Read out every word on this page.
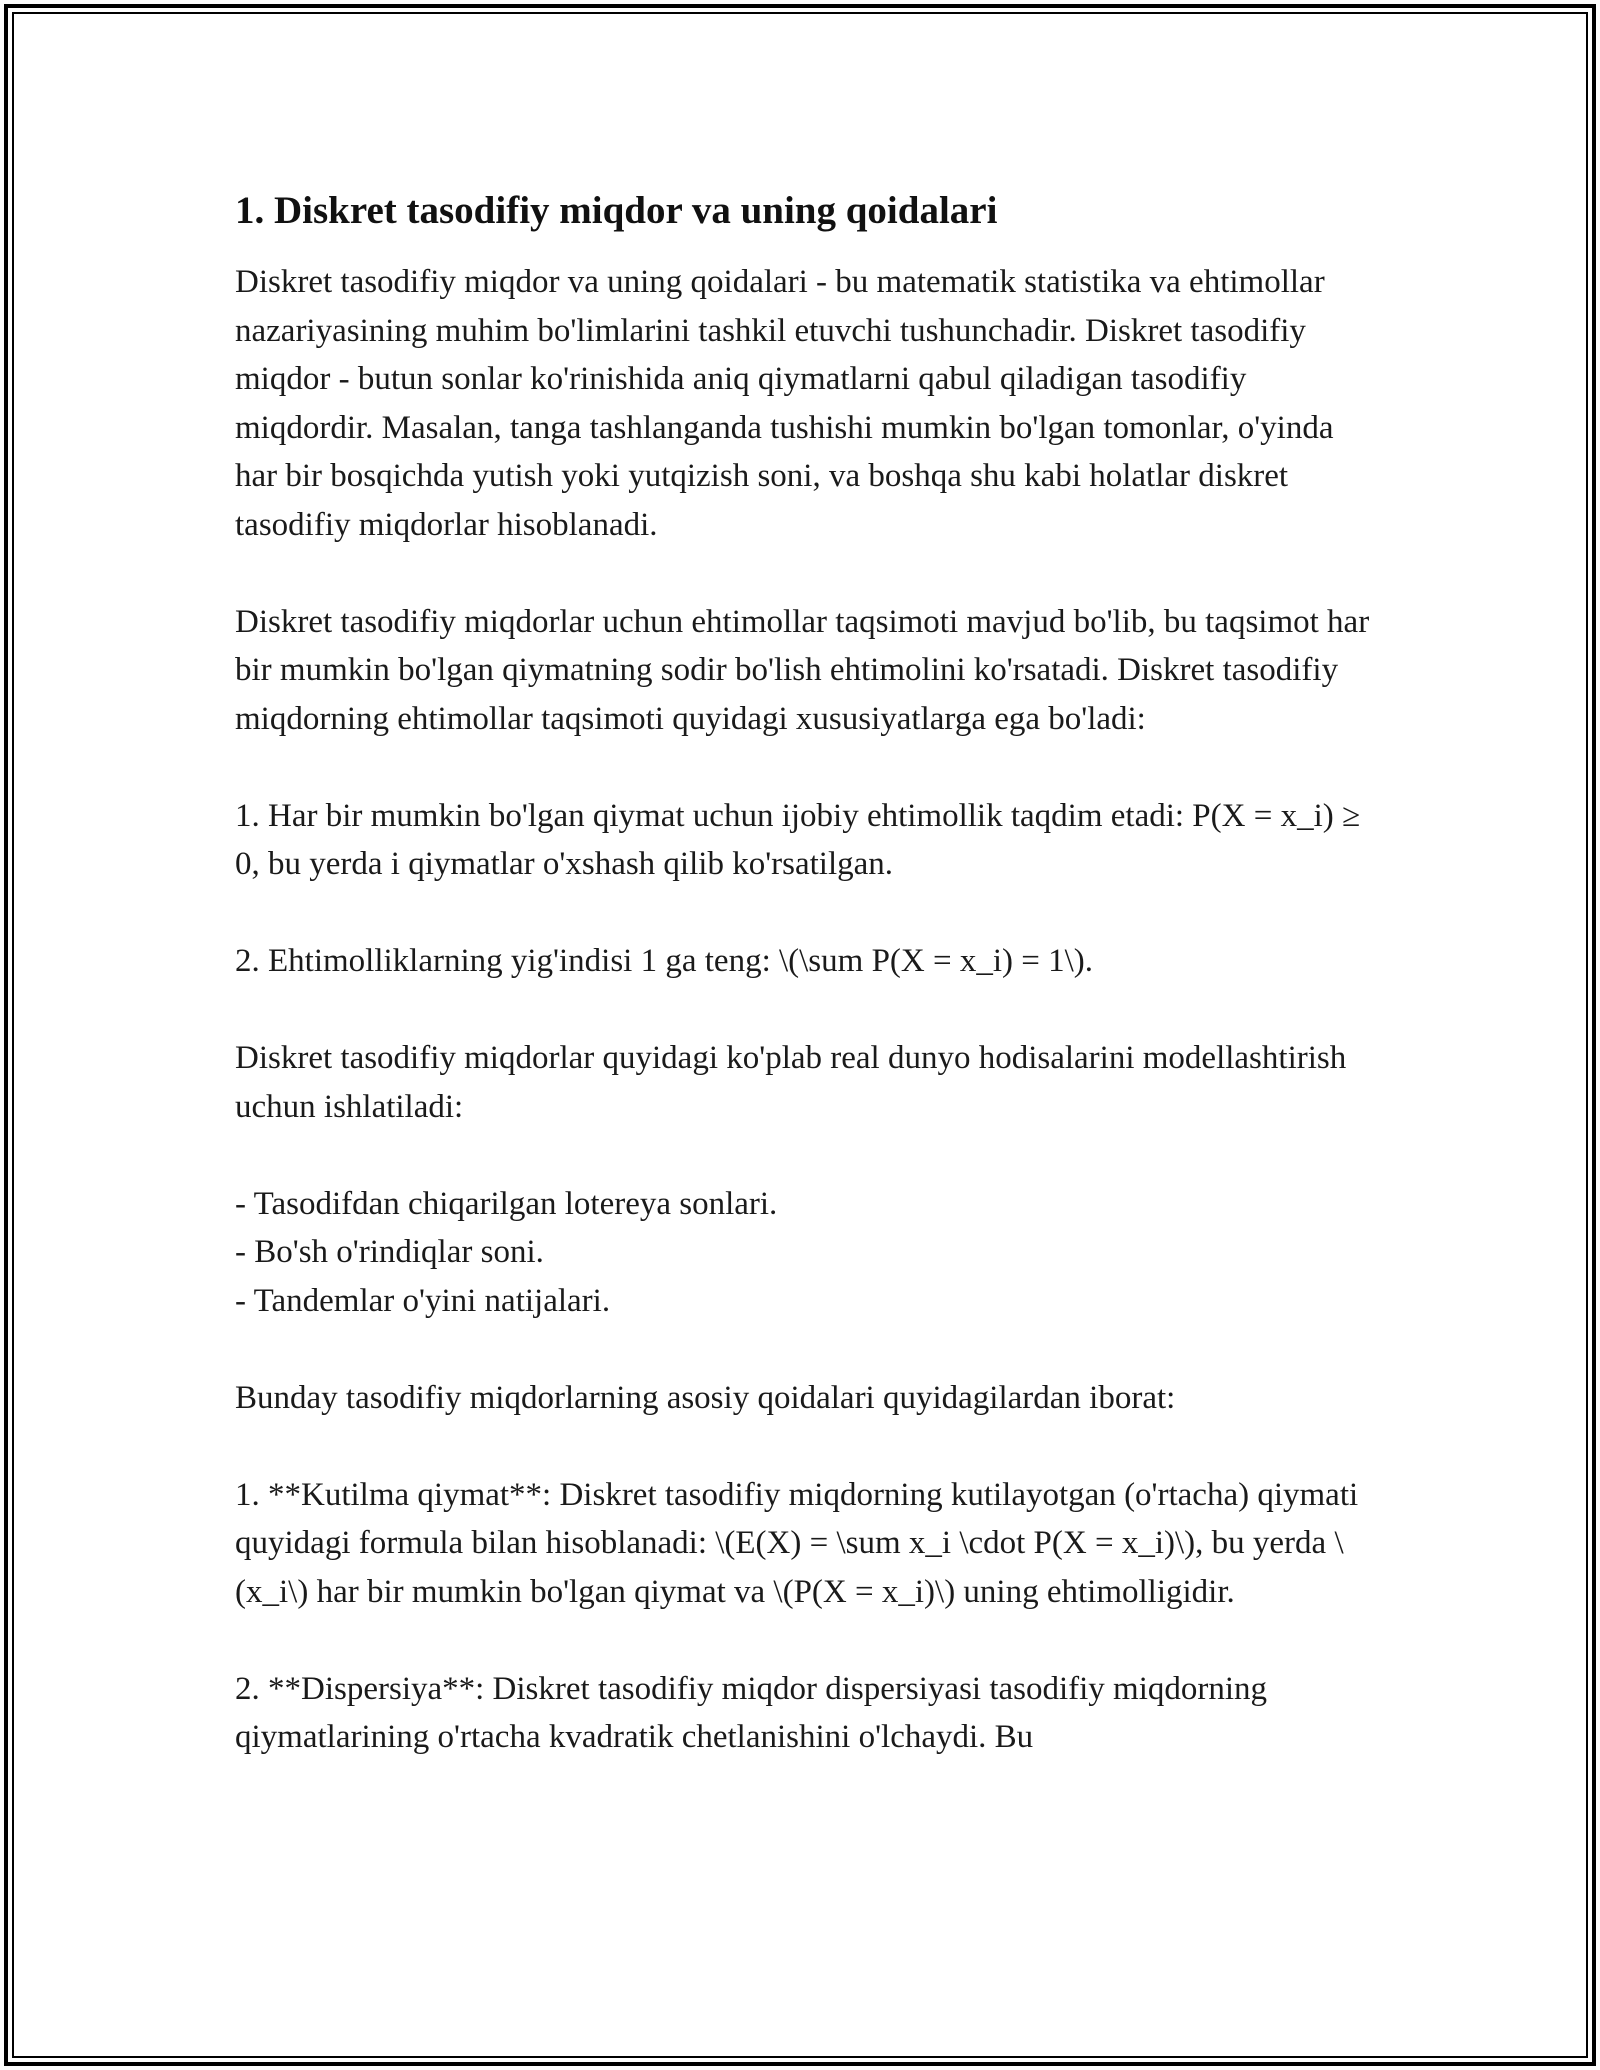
1. Diskret tasodifiy miqdor va uning qoidalari

Diskret tasodifiy miqdor va uning qoidalari - bu matematik statistika va ehtimollar nazariyasining muhim bo'limlarini tashkil etuvchi tushunchadir. Diskret tasodifiy miqdor - butun sonlar ko'rinishida aniq qiymatlarni qabul qiladigan tasodifiy miqdordir. Masalan, tanga tashlanganda tushishi mumkin bo'lgan tomonlar, o'yinda har bir bosqichda yutish yoki yutqizish soni, va boshqa shu kabi holatlar diskret tasodifiy miqdorlar hisoblanadi.

Diskret tasodifiy miqdorlar uchun ehtimollar taqsimoti mavjud bo'lib, bu taqsimot har bir mumkin bo'lgan qiymatning sodir bo'lish ehtimolini ko'rsatadi. Diskret tasodifiy miqdorning ehtimollar taqsimoti quyidagi xususiyatlarga ega bo'ladi:

1. Har bir mumkin bo'lgan qiymat uchun ijobiy ehtimollik taqdim etadi: P(X = x_i) ≥ 0, bu yerda i qiymatlar o'xshash qilib ko'rsatilgan.

2. Ehtimolliklarning yig'indisi 1 ga teng: \(\sum P(X = x_i) = 1\).

Diskret tasodifiy miqdorlar quyidagi ko'plab real dunyo hodisalarini modellashtirish uchun ishlatiladi:

- Tasodifdan chiqarilgan lotereya sonlari.
- Bo'sh o'rindiqlar soni.
- Tandemlar o'yini natijalari.

Bunday tasodifiy miqdorlarning asosiy qoidalari quyidagilardan iborat:

1. **Kutilma qiymat**: Diskret tasodifiy miqdorning kutilayotgan (o'rtacha) qiymati quyidagi formula bilan hisoblanadi: \(E(X) = \sum x_i \cdot P(X = x_i)\), bu yerda \(x_i\) har bir mumkin bo'lgan qiymat va \(P(X = x_i)\) uning ehtimolligidir.

2. **Dispersiya**: Diskret tasodifiy miqdor dispersiyasi tasodifiy miqdorning qiymatlarining o'rtacha kvadratik chetlanishini o'lchaydi. Bu
